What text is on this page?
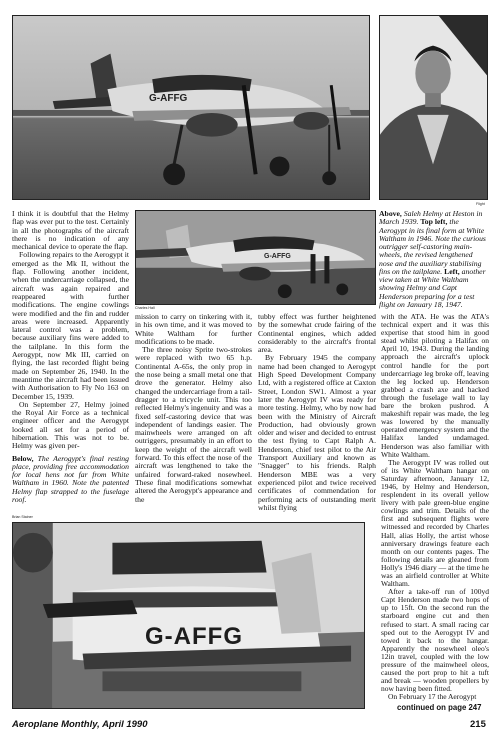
G-AFFG
Flight
G-AFFG
Charles Hall
G-AFFG
Brian Stainer
Above, Saleh Helmy at Heston in March 1939. Top left, the Aerogypt in its final form at White Waltham in 1946. Note the curious outrigger self-castoring main-wheels, the revised lengthened nose and the auxiliary stabilising fins on the tailplane. Left, another view taken at White Waltham showing Helmy and Capt Henderson preparing for a test flight on January 18, 1947.

I think it is doubtful that the Helmy flap was ever put to the test. Certainly in all the photographs of the aircraft there is no indication of any mechanical device to operate the flap.

Following repairs to the Aerogypt it emerged as the Mk II, without the flap. Following another incident, when the undercarriage collapsed, the aircraft was again repaired and reappeared with further modifications. The engine cowlings were modified and the fin and rudder areas were increased. Apparently lateral control was a problem, because auxiliary fins were added to the tailplane. In this form the Aerogypt, now Mk III, carried on flying, the last recorded flight being made on September 26, 1940. In the meantime the aircraft had been issued with Authorisation to Fly No 163 on December 15, 1939.

On September 27, Helmy joined the Royal Air Force as a technical engineer officer and the Aerogypt looked all set for a period of hibernation. This was not to be. Helmy was given per-

Below, The Aerogypt's final resting place, providing free accommodation for local hens not far from White Waltham in 1960. Note the patented Helmy flap strapped to the fuselage roof.

mission to carry on tinkering with it, in his own time, and it was moved to White Waltham for further modifications to be made.

The three noisy Sprite two-strokes were replaced with two 65 h.p. Continental A-65s, the only prop in the nose being a small metal one that drove the generator. Helmy also changed the undercarriage from a tail-dragger to a tricycle unit. This too reflected Helmy's ingenuity and was a fixed self-castoring device that was independent of landings easier. The mainwheels were arranged on aft outriggers, presumably in an effort to keep the weight of the aircraft well forward. To this effect the nose of the aircraft was lengthened to take the unfaired forward-raked nosewheel. These final modifications somewhat altered the Aerogypt's appearance and the

tubby effect was further heightened by the somewhat crude fairing of the Continental engines, which added considerably to the aircraft's frontal area.

By February 1945 the company name had been changed to Aerogypt High Speed Development Company Ltd, with a registered office at Caxton Street, London SW1. Almost a year later the Aerogypt IV was ready for more testing. Helmy, who by now had been with the Ministry of Aircraft Production, had obviously grown older and wiser and decided to entrust the test flying to Capt Ralph A. Henderson, chief test pilot to the Air Transport Auxiliary and known as "Snagger" to his friends. Ralph Henderson MBE was a very experienced pilot and twice received certificates of commendation for performing acts of outstanding merit whilst flying

with the ATA. He was the ATA's technical expert and it was this expertise that stood him in good stead whilst piloting a Halifax on April 10, 1943. During the landing approach the aircraft's uplock control handle for the port undercarriage leg broke off, leaving the leg locked up. Henderson grabbed a crash axe and hacked through the fuselage wall to lay bare the broken pushrod. A makeshift repair was made, the leg was lowered by the manually operated emergency system and the Halifax landed undamaged. Henderson was also familiar with White Waltham.

The Aerogypt IV was rolled out of its White Waltham hangar on Saturday afternoon, January 12, 1946, by Helmy and Henderson, resplendent in its overall yellow livery with pale green-blue engine cowlings and trim. Details of the first and subsequent flights were witnessed and recorded by Charles Hall, alias Holly, the artist whose anniversary drawings feature each month on our contents pages. The following details are gleaned from Holly's 1946 diary — at the time he was an airfield controller at White Waltham.

After a take-off run of 100yd Capt Henderson made two hops of up to 15ft. On the second run the starboard engine cut and then refused to start. A small racing car sped out to the Aerogypt IV and towed it back to the hangar. Apparently the nosewheel oleo's 12in travel, coupled with the low pressure of the mainwheel oleos, caused the port prop to hit a tuft and break — wooden propellers by now having been fitted.

On February 17 the Aerogypt

continued on page 247
Aeroplane Monthly, April 1990	215
